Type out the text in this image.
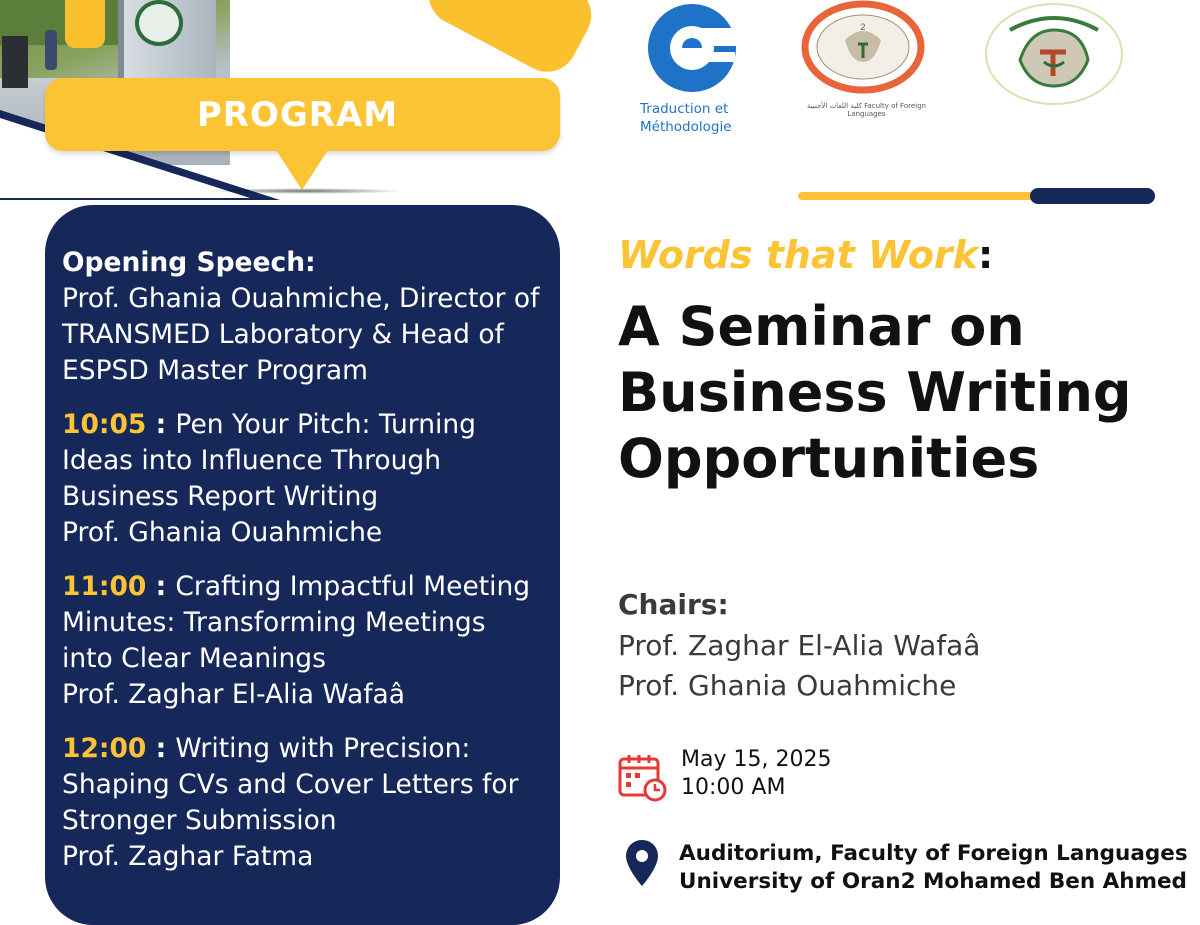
PROGRAM
Opening Speech:
Prof. Ghania Ouahmiche, Director of
TRANSMED Laboratory & Head of
ESPSD Master Program
10:05 : Pen Your Pitch: Turning
Ideas into Influence Through
Business Report Writing
Prof. Ghania Ouahmiche
11:00 : Crafting Impactful Meeting
Minutes: Transforming Meetings
into Clear Meanings
Prof. Zaghar El-Alia Wafaâ
12:00 : Writing with Precision:
Shaping CVs and Cover Letters for
Stronger Submission
Prof. Zaghar Fatma
Traduction et
Méthodologie
2
كلية اللغات الأجنبية Faculty of Foreign Languages
Words that Work:
A Seminar on
Business Writing
Opportunities
Chairs:
Prof. Zaghar El-Alia Wafaâ
Prof. Ghania Ouahmiche
May 15, 2025
10:00 AM
Auditorium, Faculty of Foreign Languages
University of Oran2 Mohamed Ben Ahmed
